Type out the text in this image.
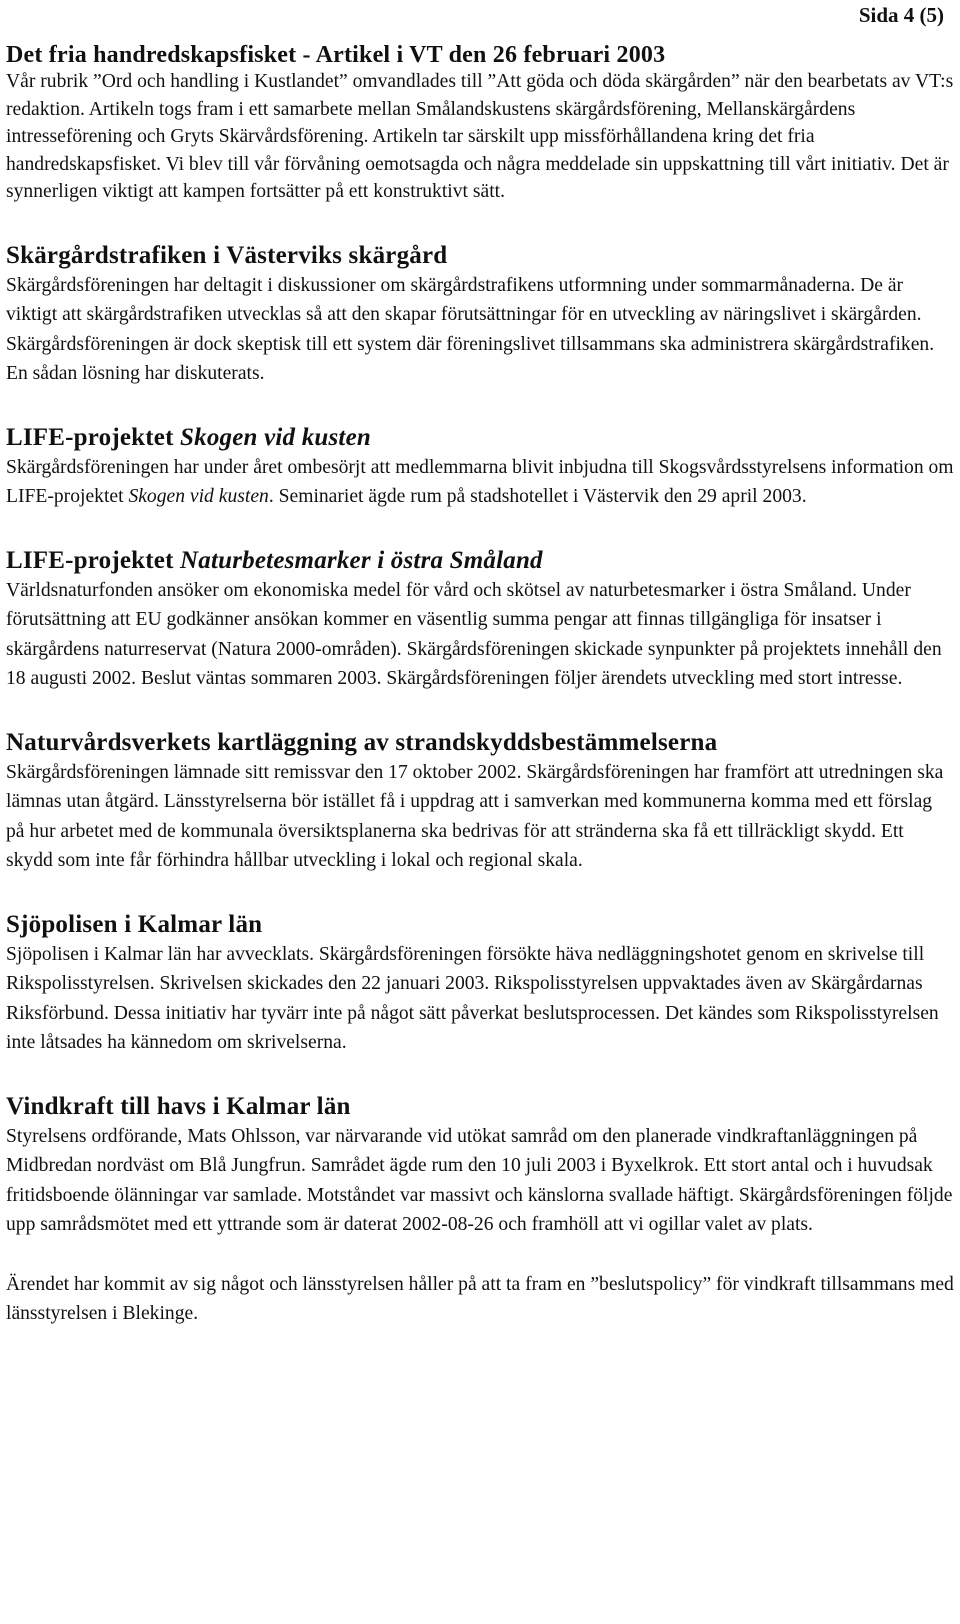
Sida 4 (5)
Det fria handredskapsfisket - Artikel i VT den 26 februari 2003

Vår rubrik ”Ord och handling i Kustlandet” omvandlades till ”Att göda och döda skärgården” när den bearbetats av VT:s redaktion. Artikeln togs fram i ett samarbete mellan Smålandskustens skärgårdsförening, Mellanskärgårdens intresseförening och Gryts Skärvårdsförening. Artikeln tar särskilt upp missförhållandena kring det fria handredskapsfisket. Vi blev till vår förvåning oemotsagda och några meddelade sin uppskattning till vårt initiativ. Det är synnerligen viktigt att kampen fortsätter på ett konstruktivt sätt.

Skärgårdstrafiken i Västerviks skärgård

Skärgårdsföreningen har deltagit i diskussioner om skärgårdstrafikens utformning under sommarmånaderna. De är viktigt att skärgårdstrafiken utvecklas så att den skapar förutsättningar för en utveckling av näringslivet i skärgården. Skärgårdsföreningen är dock skeptisk till ett system där föreningslivet tillsammans ska administrera skärgårdstrafiken. En sådan lösning har diskuterats.

LIFE-projektet Skogen vid kusten

Skärgårdsföreningen har under året ombesörjt att medlemmarna blivit inbjudna till Skogsvårdsstyrelsens information om LIFE-projektet Skogen vid kusten. Seminariet ägde rum på stadshotellet i Västervik den 29 april 2003.

LIFE-projektet Naturbetesmarker i östra Småland

Världsnaturfonden ansöker om ekonomiska medel för vård och skötsel av naturbetesmarker i östra Småland. Under förutsättning att EU godkänner ansökan kommer en väsentlig summa pengar att finnas tillgängliga för insatser i skärgårdens naturreservat (Natura 2000-områden). Skärgårdsföreningen skickade synpunkter på projektets innehåll den 18 augusti 2002. Beslut väntas sommaren 2003. Skärgårdsföreningen följer ärendets utveckling med stort intresse.

Naturvårdsverkets kartläggning av strandskyddsbestämmelserna

Skärgårdsföreningen lämnade sitt remissvar den 17 oktober 2002. Skärgårdsföreningen har framfört att utredningen ska lämnas utan åtgärd. Länsstyrelserna bör istället få i uppdrag att i samverkan med kommunerna komma med ett förslag på hur arbetet med de kommunala översiktsplanerna ska bedrivas för att stränderna ska få ett tillräckligt skydd. Ett skydd som inte får förhindra hållbar utveckling i lokal och regional skala.

Sjöpolisen i Kalmar län

Sjöpolisen i Kalmar län har avvecklats. Skärgårdsföreningen försökte häva nedläggningshotet genom en skrivelse till Rikspolisstyrelsen. Skrivelsen skickades den 22 januari 2003. Rikspolisstyrelsen uppvaktades även av Skärgårdarnas Riksförbund. Dessa initiativ har tyvärr inte på något sätt påverkat beslutsprocessen. Det kändes som Rikspolisstyrelsen inte låtsades ha kännedom om skrivelserna.

Vindkraft till havs i Kalmar län

Styrelsens ordförande, Mats Ohlsson, var närvarande vid utökat samråd om den planerade vindkraftanläggningen på Midbredan nordväst om Blå Jungfrun. Samrådet ägde rum den 10 juli 2003 i Byxelkrok. Ett stort antal och i huvudsak fritidsboende ölänningar var samlade. Motståndet var massivt och känslorna svallade häftigt. Skärgårdsföreningen följde upp samrådsmötet med ett yttrande som är daterat 2002-08-26 och framhöll att vi ogillar valet av plats.

Ärendet har kommit av sig något och länsstyrelsen håller på att ta fram en ”beslutspolicy” för vindkraft tillsammans med länsstyrelsen i Blekinge.
